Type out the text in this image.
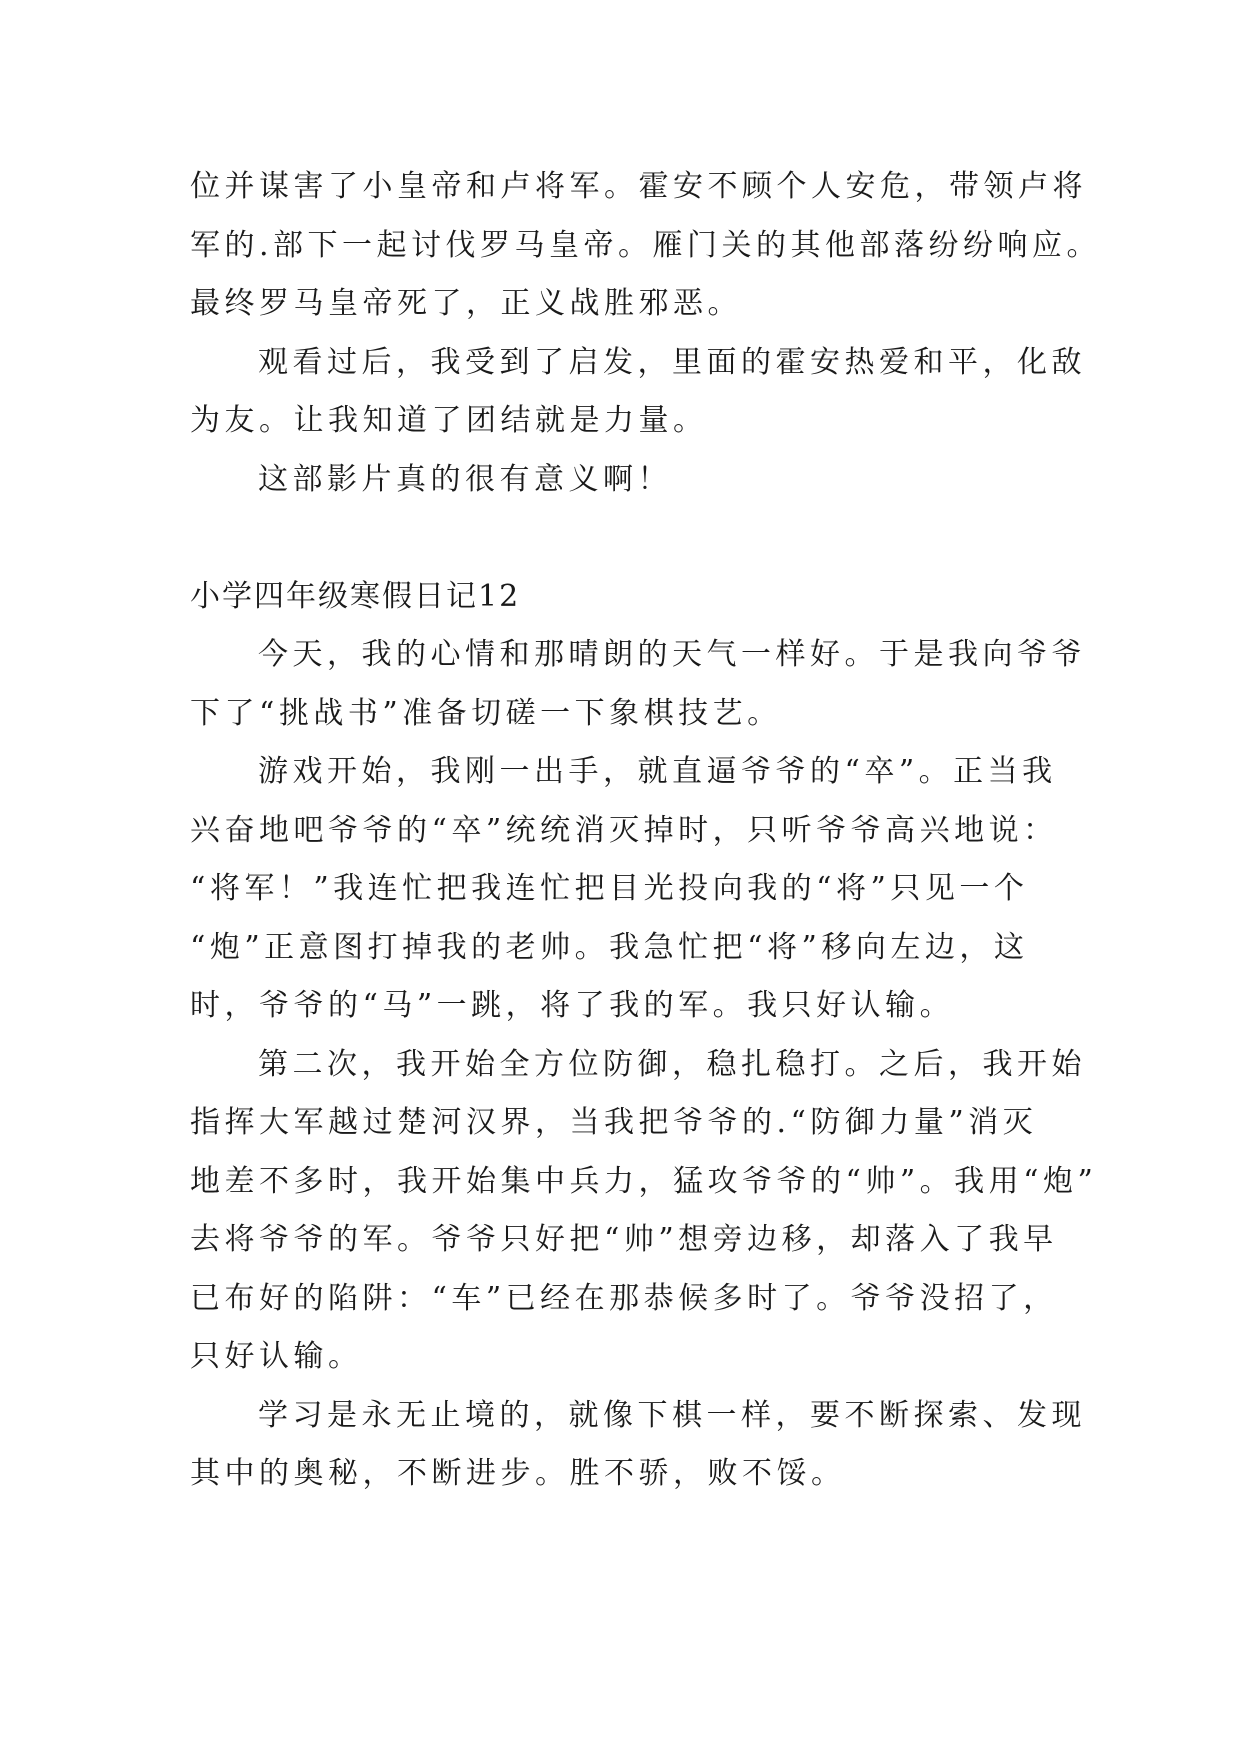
位并谋害了小皇帝和卢将军。霍安不顾个人安危，带领卢将
军的.部下一起讨伐罗马皇帝。雁门关的其他部落纷纷响应。
最终罗马皇帝死了，正义战胜邪恶。
观看过后，我受到了启发，里面的霍安热爱和平，化敌
为友。让我知道了团结就是力量。
这部影片真的很有意义啊！
小学四年级寒假日记12
今天，我的心情和那晴朗的天气一样好。于是我向爷爷
下了“挑战书”准备切磋一下象棋技艺。
游戏开始，我刚一出手，就直逼爷爷的“卒”。正当我
兴奋地吧爷爷的“卒”统统消灭掉时，只听爷爷高兴地说：
“将军！”我连忙把我连忙把目光投向我的“将”只见一个
“炮”正意图打掉我的老帅。我急忙把“将”移向左边，这
时，爷爷的“马”一跳，将了我的军。我只好认输。
第二次，我开始全方位防御，稳扎稳打。之后，我开始
指挥大军越过楚河汉界，当我把爷爷的.“防御力量”消灭
地差不多时，我开始集中兵力，猛攻爷爷的“帅”。我用“炮”
去将爷爷的军。爷爷只好把“帅”想旁边移，却落入了我早
已布好的陷阱：“车”已经在那恭候多时了。爷爷没招了，
只好认输。
学习是永无止境的，就像下棋一样，要不断探索、发现
其中的奥秘，不断进步。胜不骄，败不馁。
